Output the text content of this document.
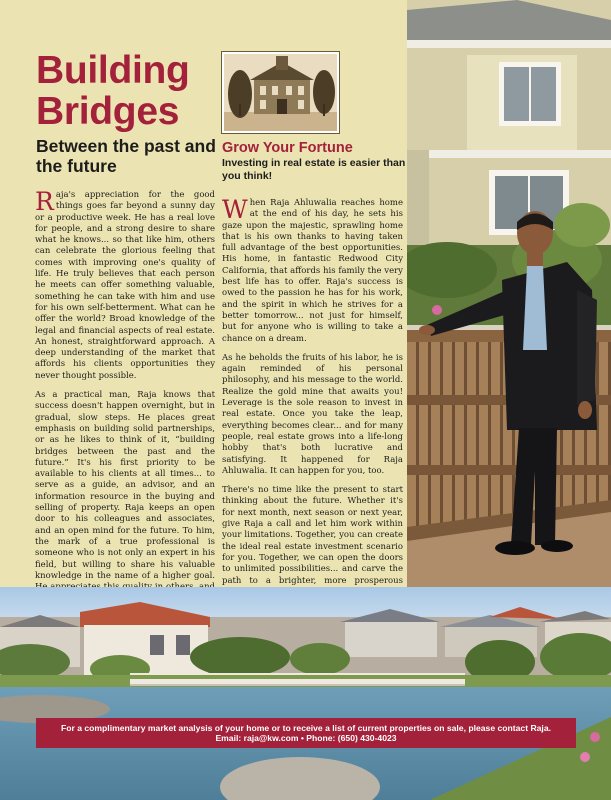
Building
Bridges
Between the past and the future

Raja's appreciation for the good things goes far beyond a sunny day or a productive week. He has a real love for people, and a strong desire to share what he knows... so that like him, others can celebrate the glorious feeling that comes with improving one's quality of life. He truly believes that each person he meets can offer something valuable, something he can take with him and use for his own self-betterment. What can he offer the world? Broad knowledge of the legal and financial aspects of real estate. An honest, straightforward approach. A deep understanding of the market that affords his clients opportunities they never thought possible.

As a practical man, Raja knows that success doesn't happen overnight, but in gradual, slow steps. He places great emphasis on building solid partnerships, or as he likes to think of it, “building bridges between the past and the future.” It's his first priority to be available to his clients at all times... to serve as a guide, an advisor, and an information resource in the buying and selling of property. Raja keeps an open door to his colleagues and associates, and an open mind for the future. To him, the mark of a true professional is someone who is not only an expert in his field, but willing to share his valuable knowledge in the name of a higher goal.

Grow Your Fortune

Investing in real estate is easier than you think!

When Raja Ahluwalia reaches home at the end of his day, he sets his gaze upon the majestic, sprawling home that is his own thanks to having taken full advantage of the best opportunities. His home, in fantastic Redwood City California, that affords his family the very best life has to offer. Raja's success is owed to the passion he has for his work, and the spirit in which he strives for a better tomorrow... not just for himself, but for anyone who is willing to take a chance on a dream.

As he beholds the fruits of his labor, he is again reminded of his personal philosophy, and his message to the world. Realize the gold mine that awaits you! Leverage is the sole reason to invest in real estate. Once you take the leap, everything becomes clear... and for many people, real estate grows into a life-long hobby that's both lucrative and satisfying. It happened for Raja Ahluwalia. It can happen for you, too.

There's no time like the present to start thinking about the future. Whether it's for next month, next season or next year, give Raja a call and let him work within your limitations. Together, you can create the ideal real estate investment scenario for you. Together, we can open the doors to unlimited possibilities... and carve the path to a brighter, more prosperous

For a complimentary market analysis of your home or to receive a list of current properties on sale, please contact Raja.
Email: raja@kw.com • Phone: (650) 430-4023
